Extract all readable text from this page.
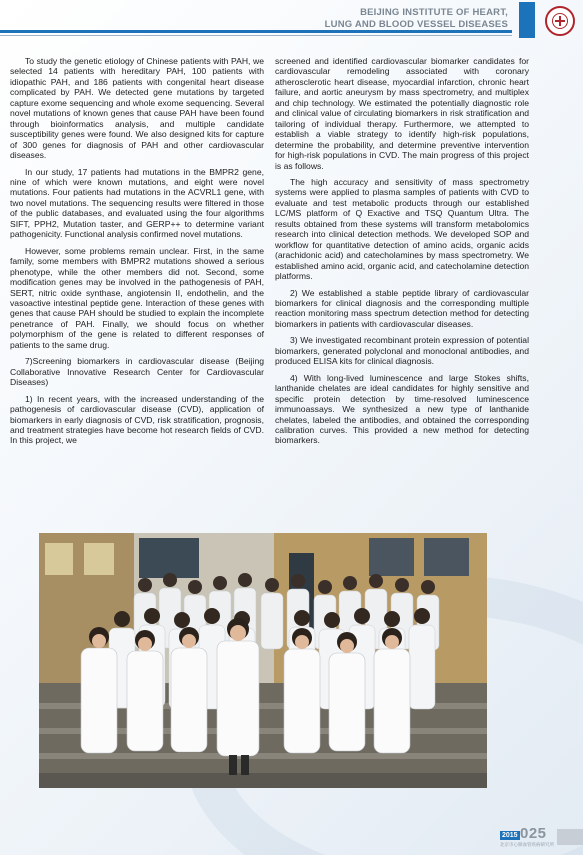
BEIJING INSTITUTE OF HEART,
LUNG AND BLOOD VESSEL DISEASES

To study the genetic etiology of Chinese patients with PAH, we selected 14 patients with hereditary PAH, 100 patients with idiopathic PAH, and 186 patients with congenital heart disease complicated by PAH. We detected gene mutations by targeted capture exome sequencing and whole exome sequencing. Several novel mutations of known genes that cause PAH have been found through bioinformatics analysis, and multiple candidate susceptibility genes were found. We also designed kits for capture of 300 genes for diagnosis of PAH and other cardiovascular diseases.

In our study, 17 patients had mutations in the BMPR2 gene, nine of which were known mutations, and eight were novel mutations. Four patients had mutations in the ACVRL1 gene, with two novel mutations. The sequencing results were filtered in those of the public databases, and evaluated using the four algorithms SIFT, PPH2, Mutation taster, and GERP++ to determine variant pathogenicity. Functional analysis confirmed novel mutations.

However, some problems remain unclear. First, in the same family, some members with BMPR2 mutations showed a serious phenotype, while the other members did not. Second, some modification genes may be involved in the pathogenesis of PAH, SERT, nitric oxide synthase, angiotensin II, endothelin, and the vasoactive intestinal peptide gene. Interaction of these genes with genes that cause PAH should be studied to explain the incomplete penetrance of PAH. Finally, we should focus on whether polymorphism of the gene is related to different responses of patients to the same drug.

7)Screening biomarkers in cardiovascular disease (Beijing Collaborative Innovative Research Center for Cardiovascular Diseases)

1) In recent years, with the increased understanding of the pathogenesis of cardiovascular disease (CVD), application of biomarkers in early diagnosis of CVD, risk stratification, prognosis, and treatment strategies have become hot research fields of CVD. In this project, we

screened and identified cardiovascular biomarker candidates for cardiovascular remodeling associated with coronary atherosclerotic heart disease, myocardial infarction, chronic heart failure, and aortic aneurysm by mass spectrometry, and multiplex and chip technology. We estimated the potentially diagnostic role and clinical value of circulating biomarkers in risk stratification and tailoring of individual therapy. Furthermore, we attempted to establish a viable strategy to identify high-risk populations, determine the probability, and determine preventive intervention for high-risk populations in CVD. The main progress of this project is as follows.

The high accuracy and sensitivity of mass spectrometry systems were applied to plasma samples of patients with CVD to evaluate and test metabolic products through our established LC/MS platform of Q Exactive and TSQ Quantum Ultra. The results obtained from these systems will transform metabolomics research into clinical detection methods. We developed SOP and workflow for quantitative detection of amino acids, organic acids (arachidonic acid) and catecholamines by mass spectrometry. We established amino acid, organic acid, and catecholamine detection platforms.

2) We established a stable peptide library of cardiovascular biomarkers for clinical diagnosis and the corresponding multiple reaction monitoring mass spectrum detection method for detecting biomarkers in patients with cardiovascular diseases.

3) We investigated recombinant protein expression of potential biomarkers, generated polyclonal and monoclonal antibodies, and produced ELISA kits for clinical diagnosis.

4) With long-lived luminescence and large Stokes shifts, lanthanide chelates are ideal candidates for highly sensitive and specific protein detection by time-resolved luminescence immunoassays. We synthesized a new type of lanthanide chelates, labeled the antibodies, and obtained the corresponding calibration curves. This provided a new method for detecting biomarkers.

2015 025
北京市心肺血管疾病研究所
